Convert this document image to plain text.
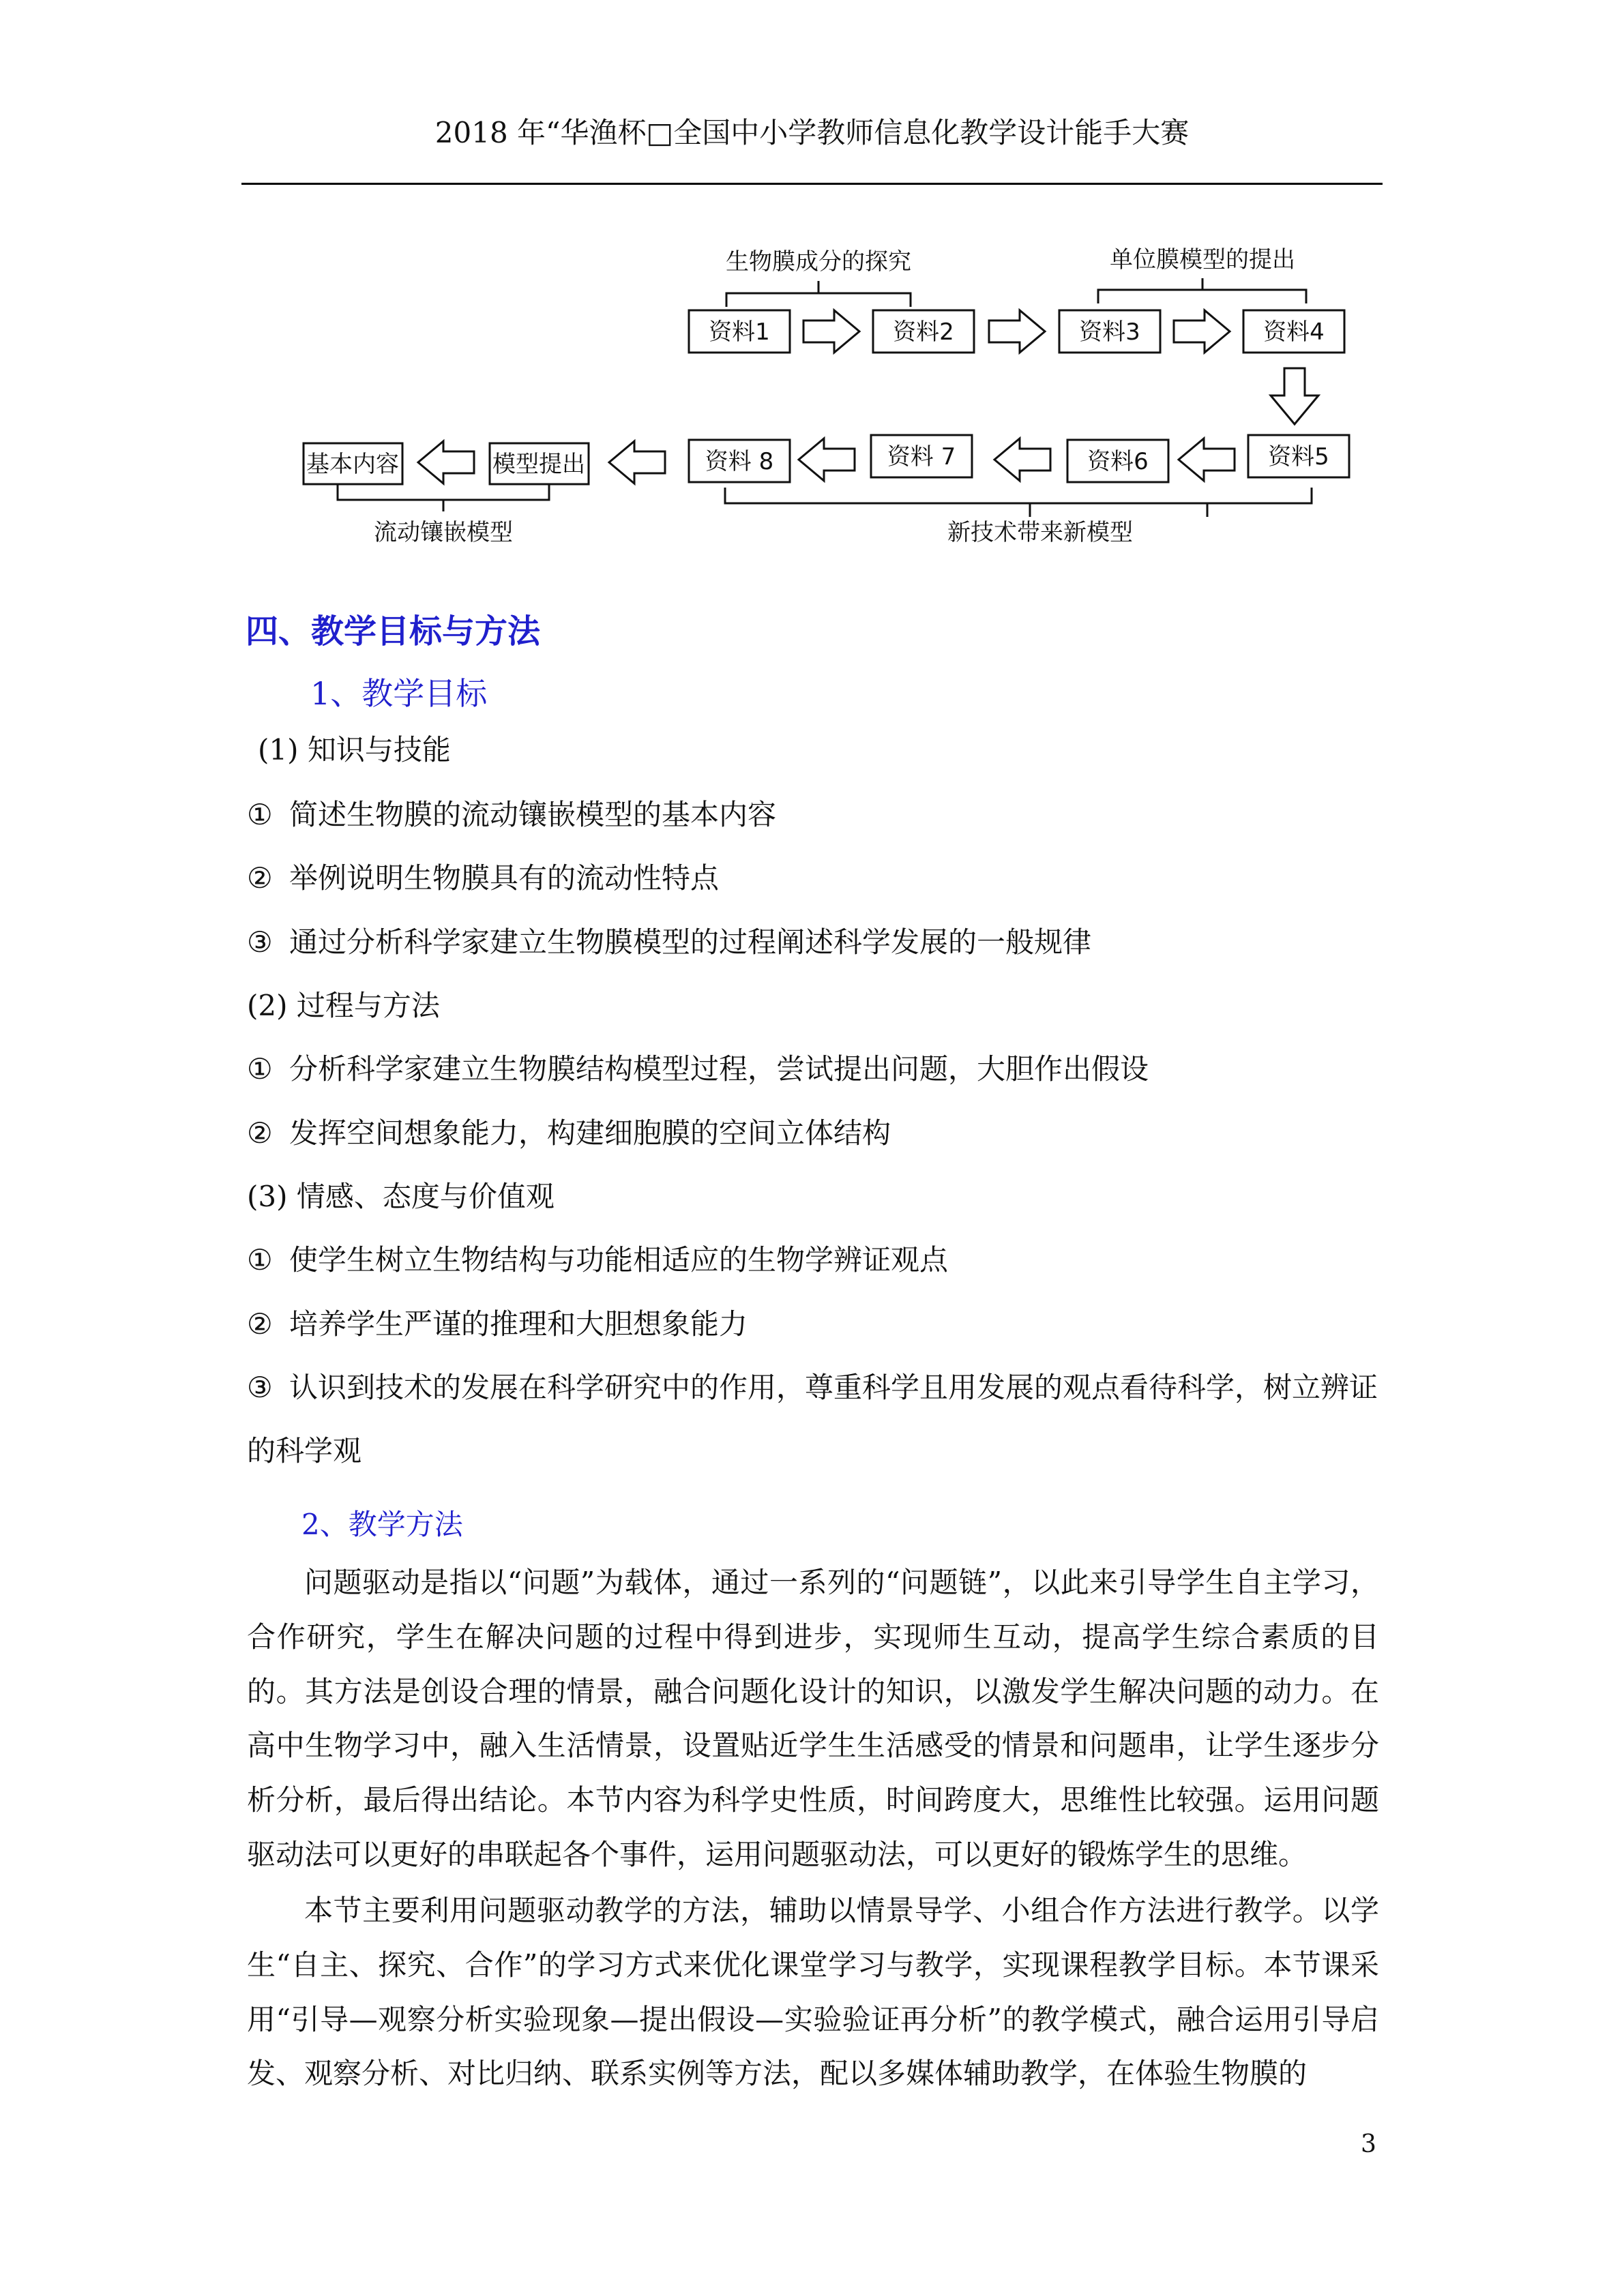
2018 年“华渔杯□全国中小学教师信息化教学设计能手大赛
生物膜成分的探究	单位膜模型的提出
流动镶嵌模型	新技术带来新模型
资料1	资料2	资料3	资料4
资料5
资料6
资料 7
资料 8
模型提出
基本内容
四、教学目标与方法
1、教学目标
(1) 知识与技能
① 简述生物膜的流动镶嵌模型的基本内容
② 举例说明生物膜具有的流动性特点
③ 通过分析科学家建立生物膜模型的过程阐述科学发展的一般规律
(2) 过程与方法
① 分析科学家建立生物膜结构模型过程，尝试提出问题，大胆作出假设
② 发挥空间想象能力，构建细胞膜的空间立体结构
(3) 情感、态度与价值观
① 使学生树立生物结构与功能相适应的生物学辨证观点
② 培养学生严谨的推理和大胆想象能力
③ 认识到技术的发展在科学研究中的作用，尊重科学且用发展的观点看待科学，树立辨证
的科学观
2、教学方法
问题驱动是指以“问题”为载体，通过一系列的“问题链”，以此来引导学生自主学习，合作研究，学生在解决问题的过程中得到进步，实现师生互动，提高学生综合素质的目的。其方法是创设合理的情景，融合问题化设计的知识，以激发学生解决问题的动力。在高中生物学习中，融入生活情景，设置贴近学生生活感受的情景和问题串，让学生逐步分析分析，最后得出结论。本节内容为科学史性质，时间跨度大，思维性比较强。运用问题驱动法可以更好的串联起各个事件，运用问题驱动法，可以更好的锻炼学生的思维。
本节主要利用问题驱动教学的方法，辅助以情景导学、小组合作方法进行教学。以学生“自主、探究、合作”的学习方式来优化课堂学习与教学，实现课程教学目标。本节课采用“引导—观察分析实验现象—提出假设—实验验证再分析”的教学模式，融合运用引导启发、观察分析、对比归纳、联系实例等方法，配以多媒体辅助教学，在体验生物膜的
3
